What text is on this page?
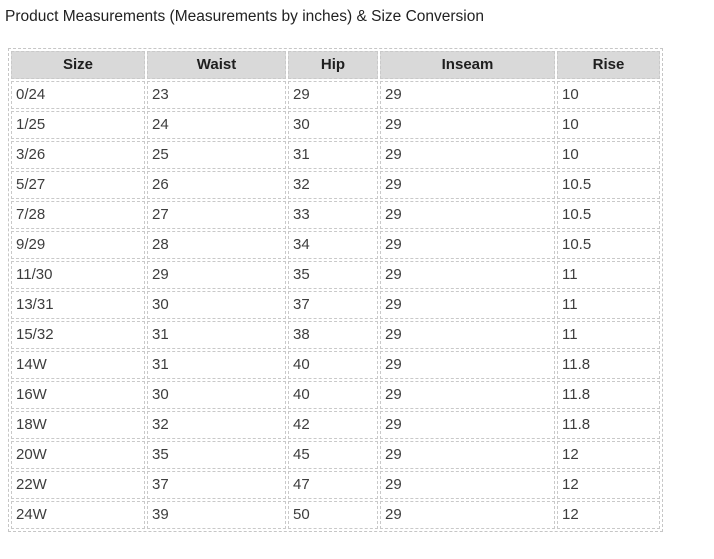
Product Measurements (Measurements by inches) & Size Conversion
Size	Waist	Hip	Inseam	Rise
0/24	23	29	29	10
1/25	24	30	29	10
3/26	25	31	29	10
5/27	26	32	29	10.5
7/28	27	33	29	10.5
9/29	28	34	29	10.5
11/30	29	35	29	11
13/31	30	37	29	11
15/32	31	38	29	11
14W	31	40	29	11.8
16W	30	40	29	11.8
18W	32	42	29	11.8
20W	35	45	29	12
22W	37	47	29	12
24W	39	50	29	12
